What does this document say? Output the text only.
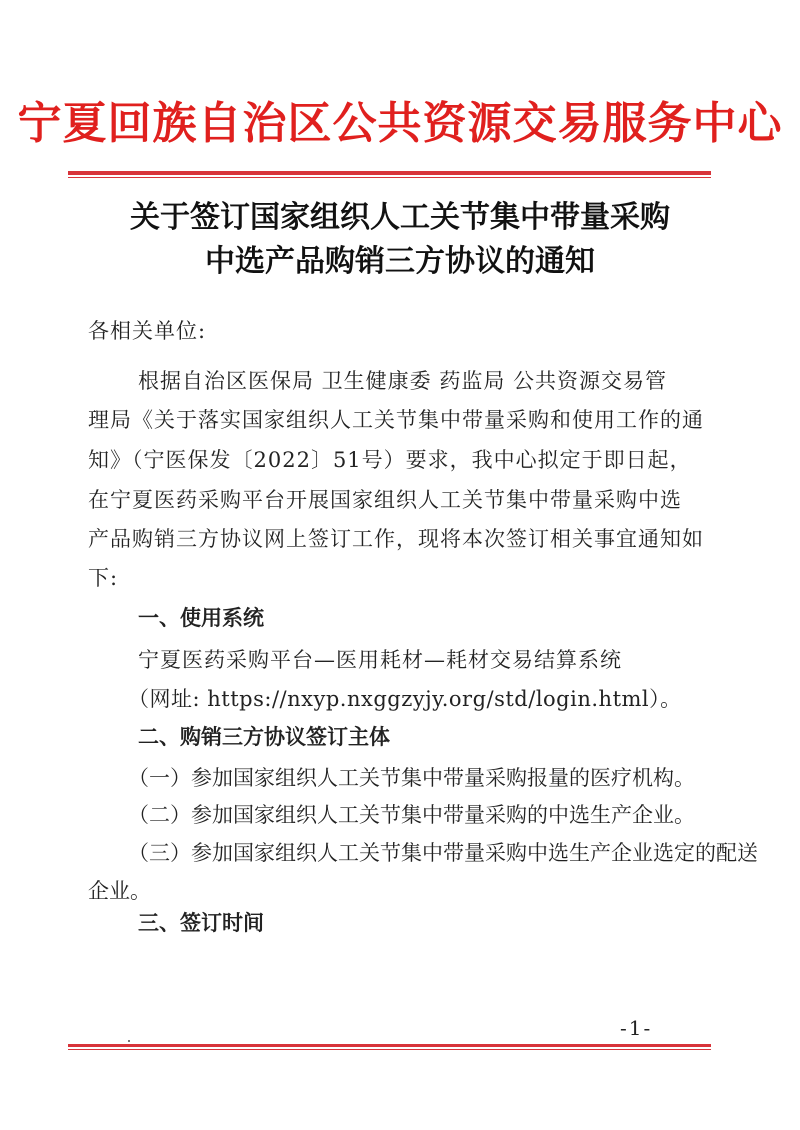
宁夏回族自治区公共资源交易服务中心
关于签订国家组织人工关节集中带量采购
中选产品购销三方协议的通知
各相关单位:
根据自治区医保局 卫生健康委 药监局 公共资源交易管
理局《关于落实国家组织人工关节集中带量采购和使用工作的通
知》（宁医保发〔2022〕51号）要求，我中心拟定于即日起，
在宁夏医药采购平台开展国家组织人工关节集中带量采购中选
产品购销三方协议网上签订工作，现将本次签订相关事宜通知如
下:
一、使用系统
宁夏医药采购平台—医用耗材—耗材交易结算系统
（网址: https://nxyp.nxggzyjy.org/std/login.html）。
二、购销三方协议签订主体
（一）参加国家组织人工关节集中带量采购报量的医疗机构。
（二）参加国家组织人工关节集中带量采购的中选生产企业。
（三）参加国家组织人工关节集中带量采购中选生产企业选定的配送
企业。
三、签订时间
-1-
